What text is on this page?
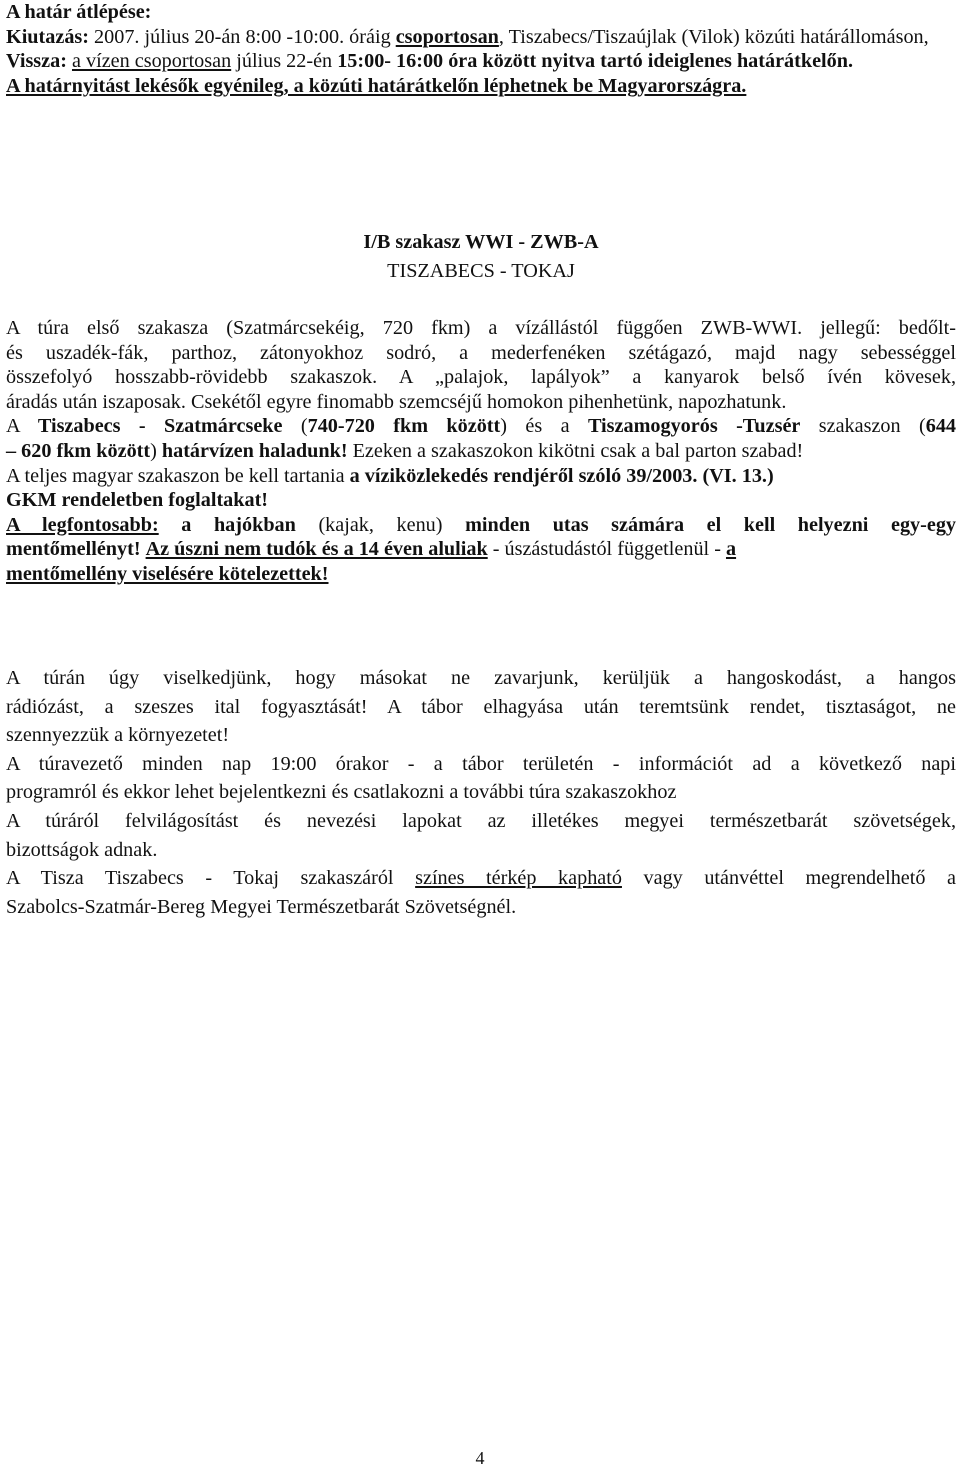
A határ átlépése:

Kiutazás: 2007. július 20-án 8:00 -10:00. óráig csoportosan, Tiszabecs/Tiszaújlak (Vilok) közúti határállomáson,

Vissza: a vízen csoportosan július 22-én 15:00- 16:00 óra között nyitva tartó ideiglenes határátkelőn.

A határnyitást lekésők egyénileg, a közúti határátkelőn léphetnek be Magyarországra.

I/B szakasz WWI - ZWB-A

TISZABECS - TOKAJ

A túra első szakasza (Szatmárcsekéig, 720 fkm) a vízállástól függően ZWB-WWI. jellegű: bedőlt-

és uszadék-fák, parthoz, zátonyokhoz sodró, a mederfenéken szétágazó, majd nagy sebességgel

összefolyó hosszabb-rövidebb szakaszok. A „palajok, lapályok” a kanyarok belső ívén kövesek,

áradás után iszaposak. Csekétől egyre finomabb szemcséjű homokon pihenhetünk, napozhatunk.

A Tiszabecs - Szatmárcseke (740-720 fkm között) és a Tiszamogyorós -Tuzsér szakaszon (644

– 620 fkm között) határvízen haladunk! Ezeken a szakaszokon kikötni csak a bal parton szabad!

A teljes magyar szakaszon be kell tartania a víziközlekedés rendjéről szóló 39/2003. (VI. 13.)

GKM rendeletben foglaltakat!

A legfontosabb: a hajókban (kajak, kenu) minden utas számára el kell helyezni egy-egy

mentőmellényt! Az úszni nem tudók és a 14 éven aluliak - úszástudástól függetlenül - a

mentőmellény viselésére kötelezettek!

A túrán úgy viselkedjünk, hogy másokat ne zavarjunk, kerüljük a hangoskodást, a hangos

rádiózást, a szeszes ital fogyasztását! A tábor elhagyása után teremtsünk rendet, tisztaságot, ne

szennyezzük a környezetet!

A túravezető minden nap 19:00 órakor - a tábor területén - információt ad a következő napi

programról és ekkor lehet bejelentkezni és csatlakozni a további túra szakaszokhoz

A túráról felvilágosítást és nevezési lapokat az illetékes megyei természetbarát szövetségek,

bizottságok adnak.

A Tisza Tiszabecs - Tokaj szakaszáról színes térkép kapható vagy utánvéttel megrendelhető a

Szabolcs-Szatmár-Bereg Megyei Természetbarát Szövetségnél.

4
